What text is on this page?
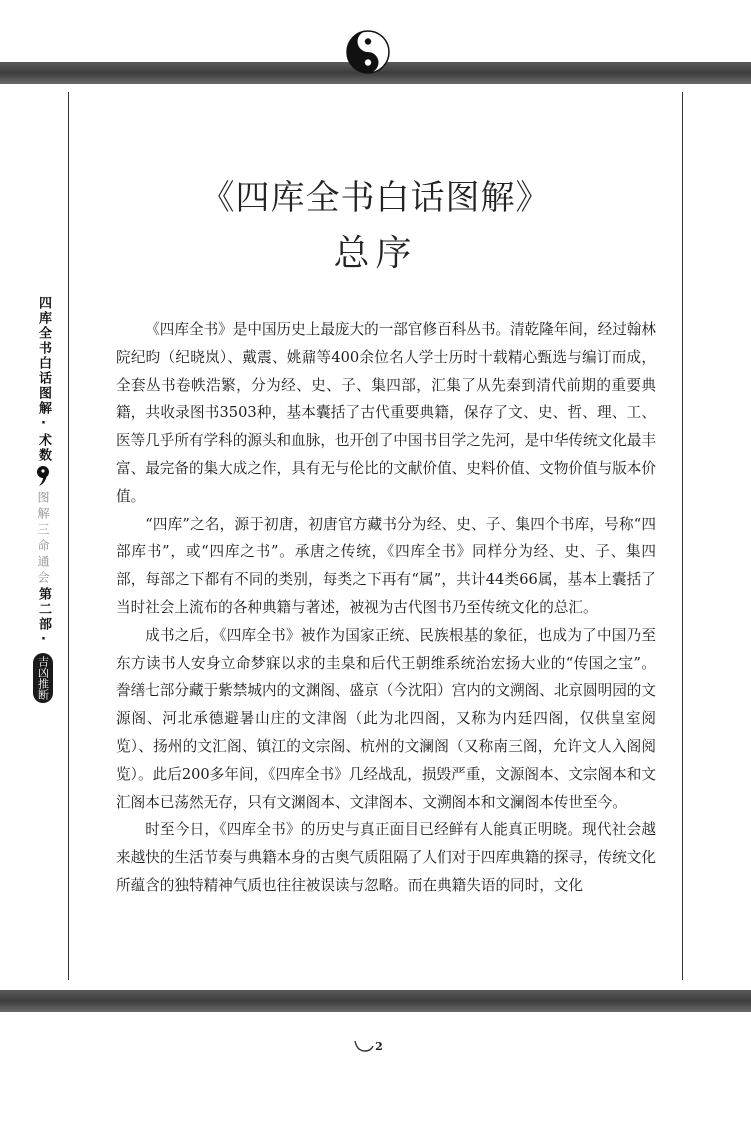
四库全书白话图解·术数
图解三命通会
第二部·
吉凶推断
《四库全书白话图解》
总序

《四库全书》是中国历史上最庞大的一部官修百科丛书。清乾隆年间，经过翰林院纪昀（纪晓岚）、戴震、姚鼐等400余位名人学士历时十载精心甄选与编订而成，全套丛书卷帙浩繁，分为经、史、子、集四部，汇集了从先秦到清代前期的重要典籍，共收录图书3503种，基本囊括了古代重要典籍，保存了文、史、哲、理、工、医等几乎所有学科的源头和血脉，也开创了中国书目学之先河，是中华传统文化最丰富、最完备的集大成之作，具有无与伦比的文献价值、史料价值、文物价值与版本价值。

“四库”之名，源于初唐，初唐官方藏书分为经、史、子、集四个书库，号称“四部库书”，或“四库之书”。承唐之传统，《四库全书》同样分为经、史、子、集四部，每部之下都有不同的类别，每类之下再有“属”，共计44类66属，基本上囊括了当时社会上流布的各种典籍与著述，被视为古代图书乃至传统文化的总汇。

成书之后，《四库全书》被作为国家正统、民族根基的象征，也成为了中国乃至东方读书人安身立命梦寐以求的圭臬和后代王朝维系统治宏扬大业的“传国之宝”。誊缮七部分藏于紫禁城内的文渊阁、盛京（今沈阳）宫内的文溯阁、北京圆明园的文源阁、河北承德避暑山庄的文津阁（此为北四阁，又称为内廷四阁，仅供皇室阅览）、扬州的文汇阁、镇江的文宗阁、杭州的文澜阁（又称南三阁，允许文人入阁阅览）。此后200多年间，《四库全书》几经战乱，损毁严重，文源阁本、文宗阁本和文汇阁本已荡然无存，只有文渊阁本、文津阁本、文溯阁本和文澜阁本传世至今。

时至今日，《四库全书》的历史与真正面目已经鲜有人能真正明晓。现代社会越来越快的生活节奏与典籍本身的古奥气质阻隔了人们对于四库典籍的探寻，传统文化所蕴含的独特精神气质也往往被误读与忽略。而在典籍失语的同时，文化

2
